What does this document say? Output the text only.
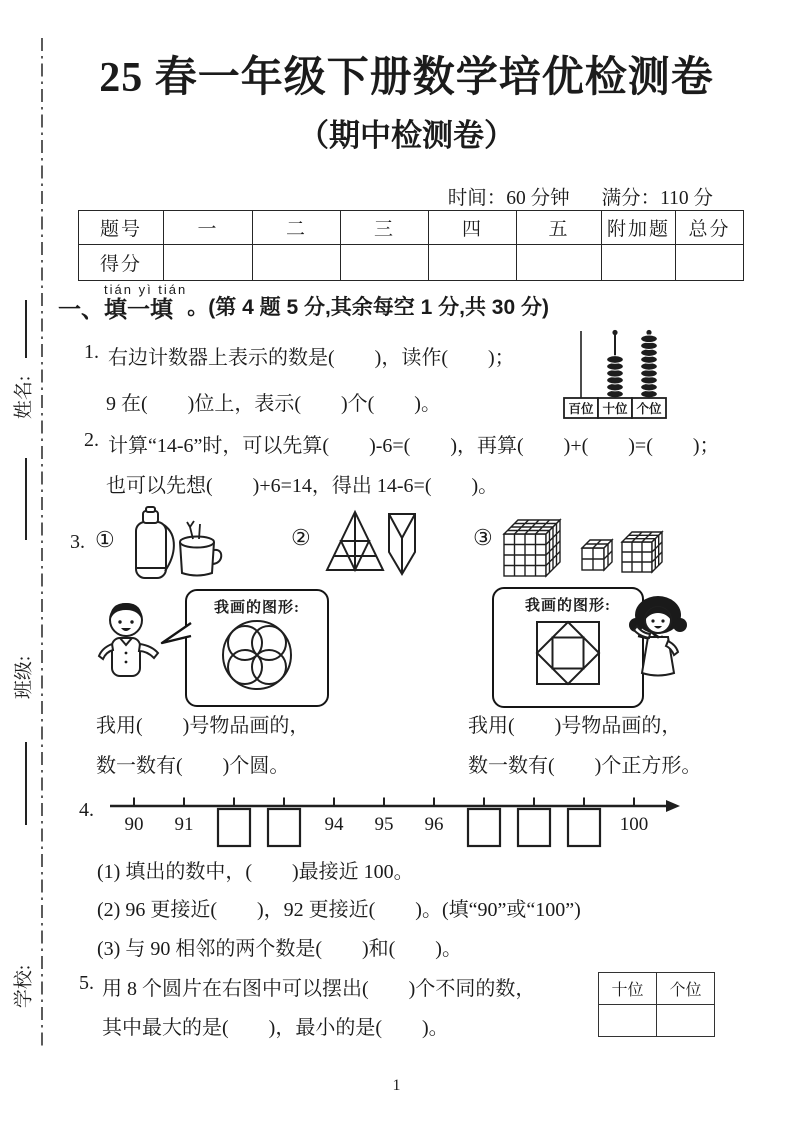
姓名:
班级:
学校:
25 春一年级下册数学培优检测卷
（期中检测卷）
时间：60 分钟 满分：110 分
题号	一	二	三	四	五	附加题	总分
得分							
一、
tián yì tián
填一填 。(第 4 题 5 分,其余每空 1 分,共 30 分)
1. 右边计数器上表示的数是(　　)，读作(　　)；
9 在(　　)位上，表示(　　)个(　　)。	百位 十位 个位
2. 计算“14-6”时，可以先算(　　)-6=(　　)，再算(　　)+(　　)=(　　)；
也可以先想(　　)+6=14，得出 14-6=(　　)。
3. ①	②	③
我画的图形:	我画的图形:
我用(　　)号物品画的，
数一数有(　　)个圆。
我用(　　)号物品画的，
数一数有(　　)个正方形。
4.
90 91	94 95 96	100
(1) 填出的数中，(　　)最接近 100。
(2) 96 更接近(　　)，92 更接近(　　)。(填“90”或“100”)
(3) 与 90 相邻的两个数是(　　)和(　　)。
5. 用 8 个圆片在右图中可以摆出(　　)个不同的数，
其中最大的是(　　)，最小的是(　　)。
十位	个位

1
